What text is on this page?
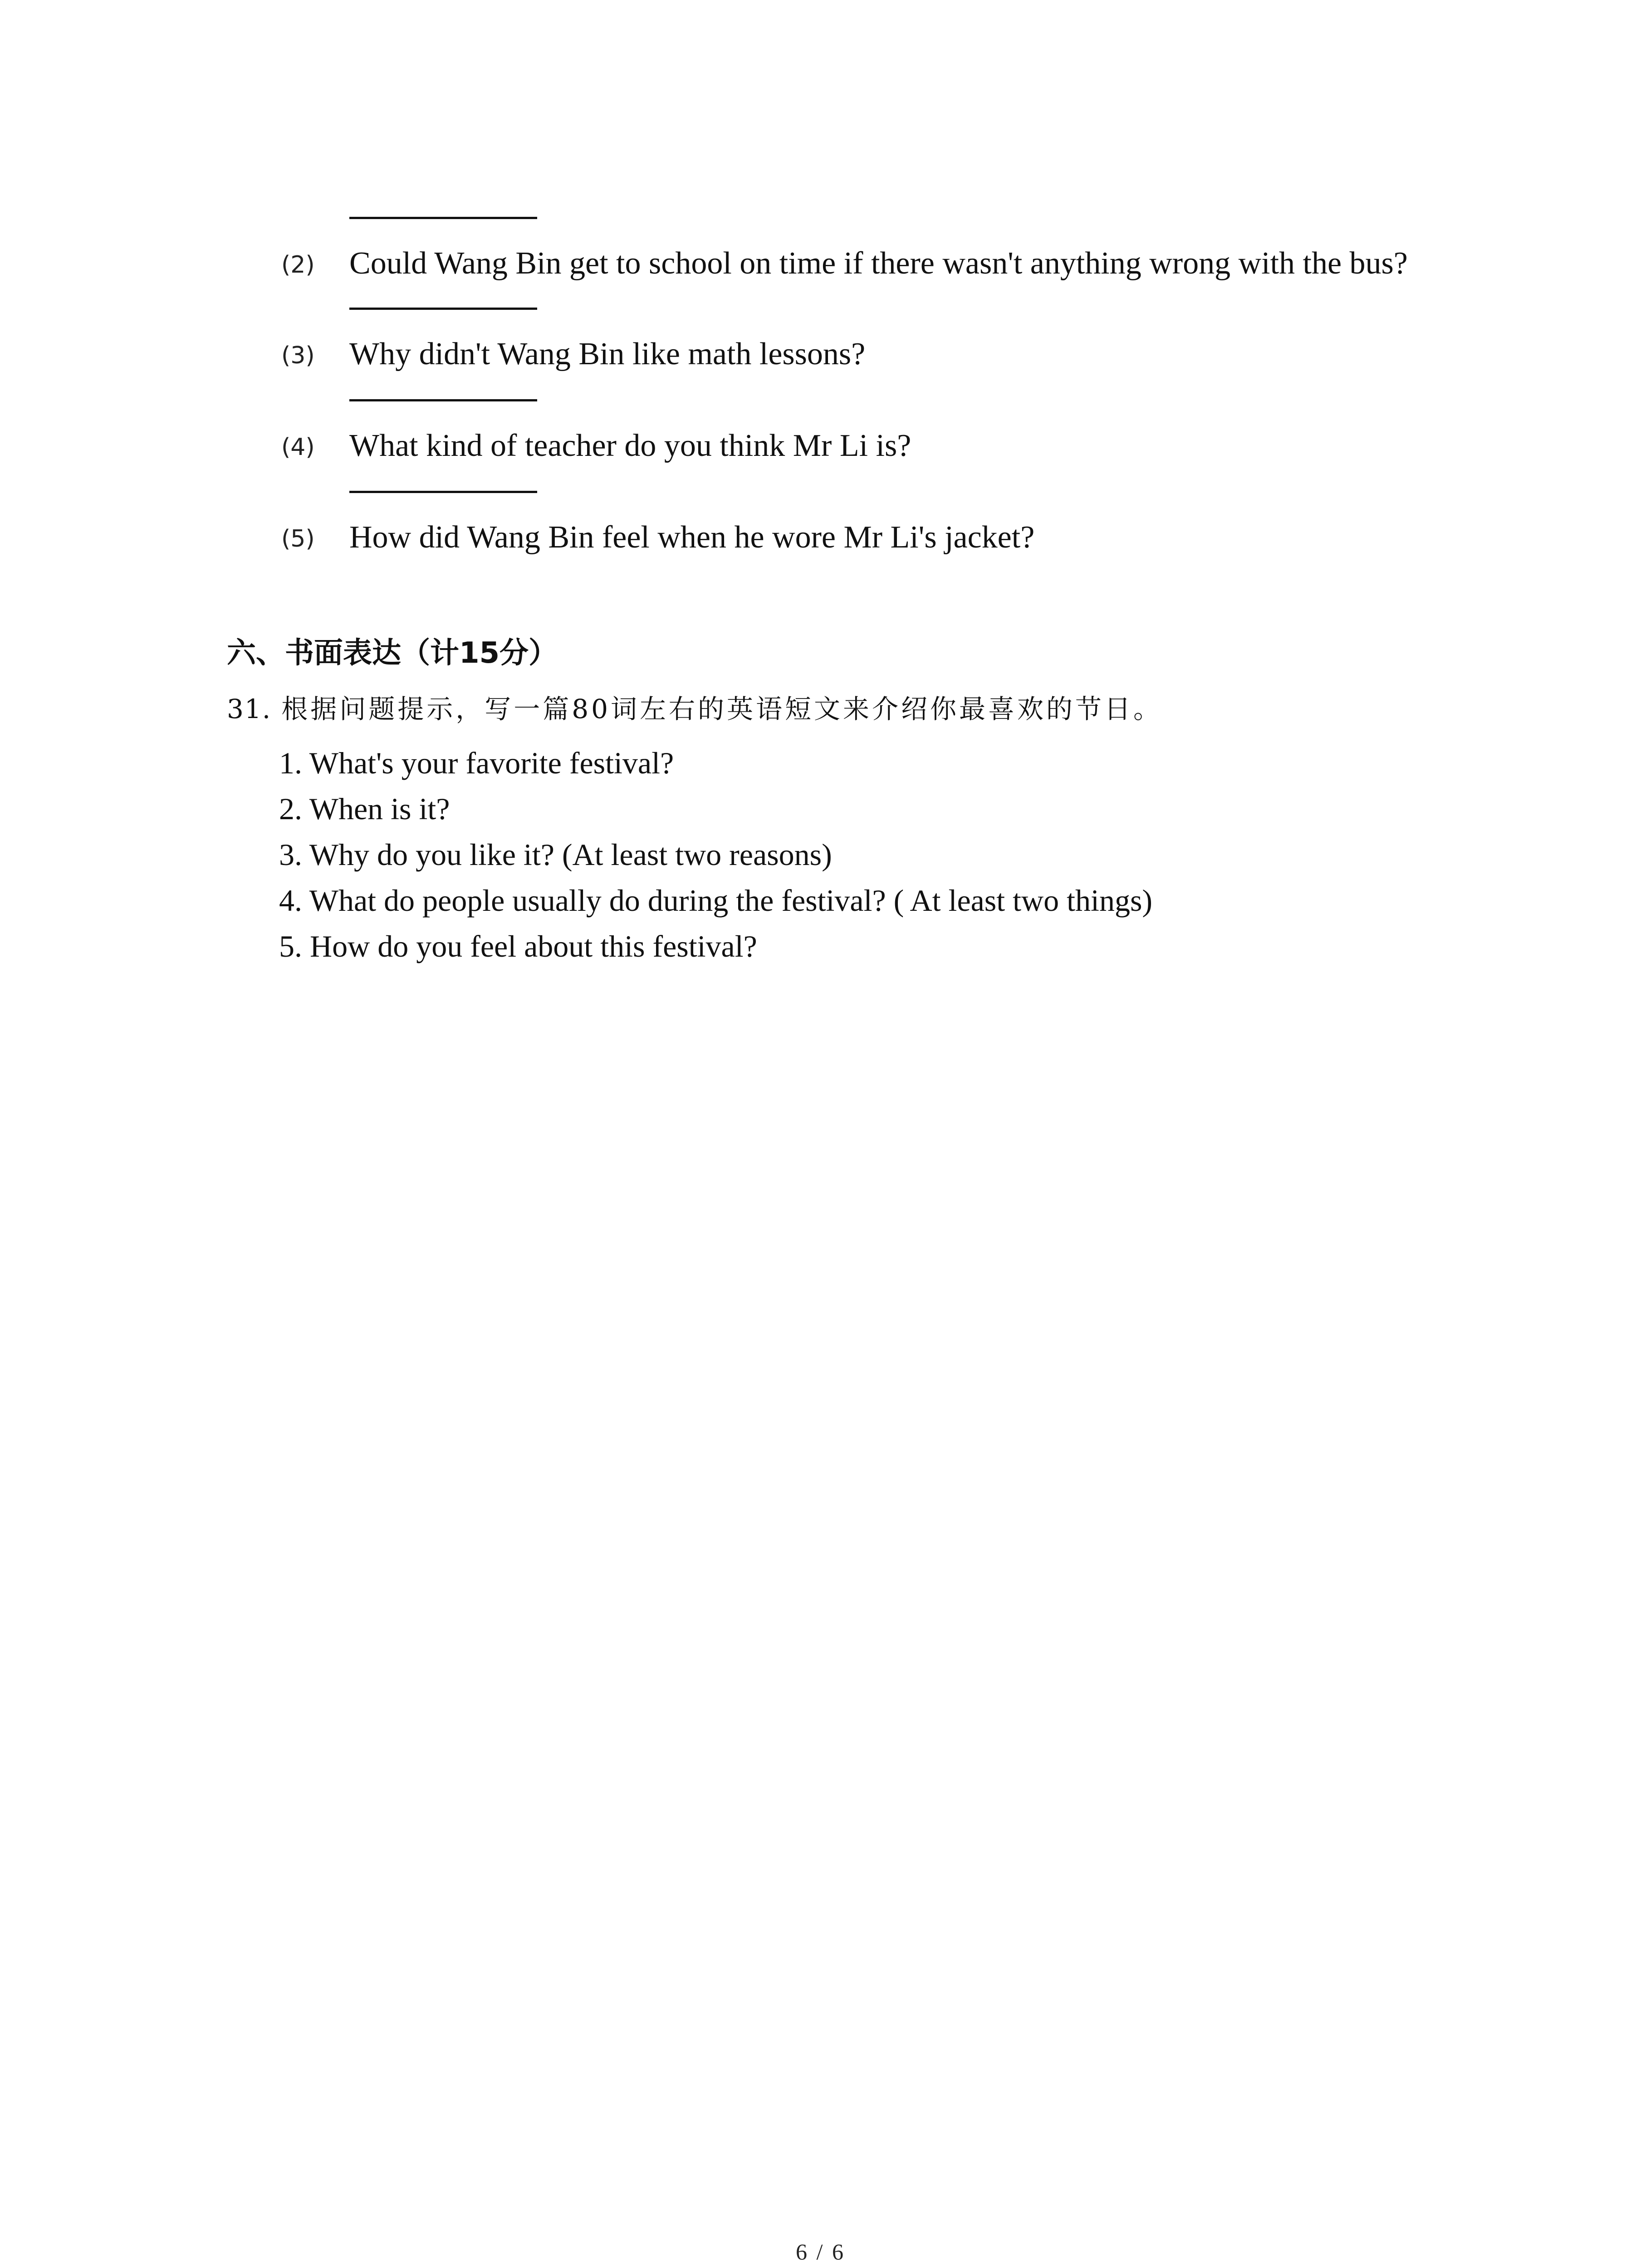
(2) Could Wang Bin get to school on time if there wasn't anything wrong with the bus?
(3) Why didn't Wang Bin like math lessons?
(4) What kind of teacher do you think Mr Li is?
(5) How did Wang Bin feel when he wore Mr Li's jacket?
六、书面表达（计15分）
31. 根据问题提示，写一篇80词左右的英语短文来介绍你最喜欢的节日。
1. What's your favorite festival?
2. When is it?
3. Why do you like it? (At least two reasons)
4. What do people usually do during the festival? ( At least two things)
5. How do you feel about this festival?
6 / 6
